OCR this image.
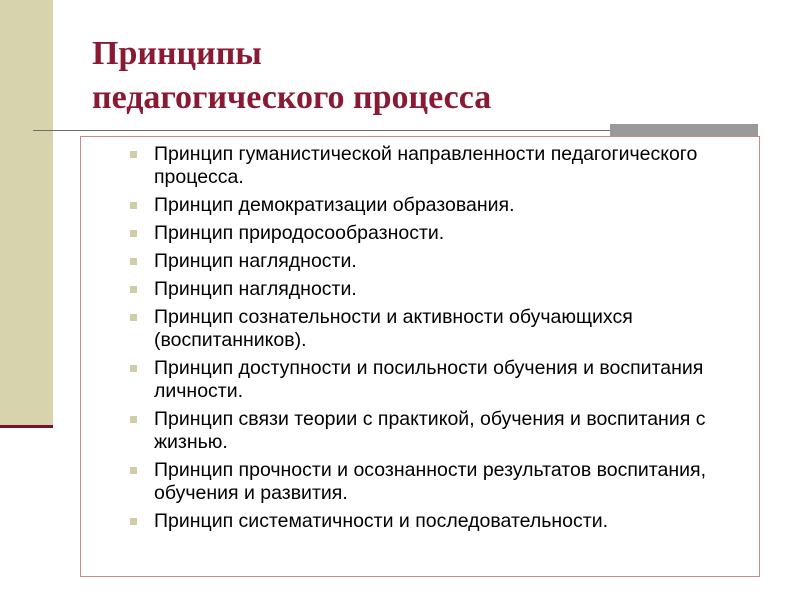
Принципы
педагогического процесса
Принцип гуманистической направленности педагогического процесса.
Принцип демократизации образования.
Принцип природосообразности.
Принцип наглядности.
Принцип наглядности.
Принцип сознательности и активности обучающихся (воспитанников).
Принцип доступности и посильности обучения и воспитания личности.
Принцип связи теории с практикой, обучения и воспитания с жизнью.
Принцип прочности и осознанности результатов воспитания, обучения и развития.
Принцип систематичности и последовательности.
